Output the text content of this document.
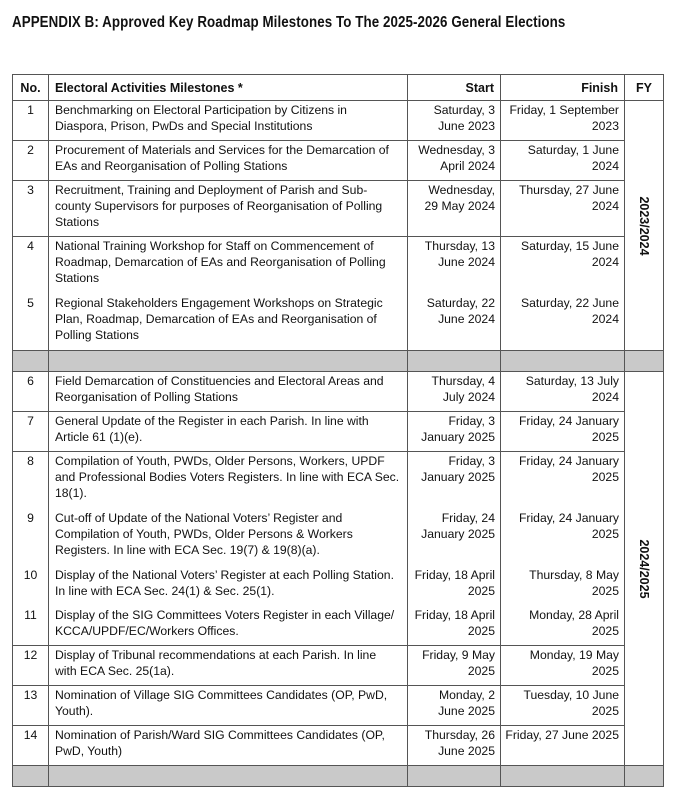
APPENDIX B: Approved Key Roadmap Milestones To The 2025-2026 General Elections
No.	Electoral Activities Milestones *	Start	Finish	FY
1	Benchmarking on Electoral Participation by Citizens in Diaspora, Prison, PwDs and Special Institutions	Saturday, 3 June 2023	Friday, 1 September 2023	2023/2024

2	Procurement of Materials and Services for the Demarcation of EAs and Reorganisation of Polling Stations	Wednesday, 3 April 2024	Saturday, 1 June 2024	
3	Recruitment, Training and Deployment of Parish and Sub-county Supervisors for purposes of Reorganisation of Polling Stations	Wednesday, 29 May 2024	Thursday, 27 June 2024	
4	National Training Workshop for Staff on Commencement of Roadmap, Demarcation of EAs and Reorganisation of Polling Stations	Thursday, 13 June 2024	Saturday, 15 June 2024	
5	Regional Stakeholders Engagement Workshops on Strategic Plan, Roadmap, Demarcation of EAs and Reorganisation of Polling Stations	Saturday, 22 June 2024	Saturday, 22 June 2024	

6	Field Demarcation of Constituencies and Electoral Areas and Reorganisation of Polling Stations	Thursday, 4 July 2024	Saturday, 13 July 2024	2024/2025

7	General Update of the Register in each Parish. In line with Article 61 (1)(e).	Friday, 3 January 2025	Friday, 24 January 2025	
8	Compilation of Youth, PWDs, Older Persons, Workers, UPDF and Professional Bodies Voters Registers. In line with ECA Sec. 18(1).	Friday, 3 January 2025	Friday, 24 January 2025	
9	Cut-off of Update of the National Voters’ Register and Compilation of Youth, PWDs, Older Persons & Workers Registers. In line with ECA Sec. 19(7) & 19(8)(a).	Friday, 24 January 2025	Friday, 24 January 2025	
10	Display of the National Voters’ Register at each Polling Station. In line with ECA Sec. 24(1) & Sec. 25(1).	Friday, 18 April 2025	Thursday, 8 May 2025	
11	Display of the SIG Committees Voters Register in each Village/ KCCA/UPDF/EC/Workers Offices.	Friday, 18 April 2025	Monday, 28 April 2025	
12	Display of Tribunal recommendations at each Parish. In line with ECA Sec. 25(1a).	Friday, 9 May 2025	Monday, 19 May 2025	
13	Nomination of Village SIG Committees Candidates (OP, PwD, Youth).	Monday, 2 June 2025	Tuesday, 10 June 2025	
14	Nomination of Parish/Ward SIG Committees Candidates (OP, PwD, Youth)	Thursday, 26 June 2025	Friday, 27 June 2025	
